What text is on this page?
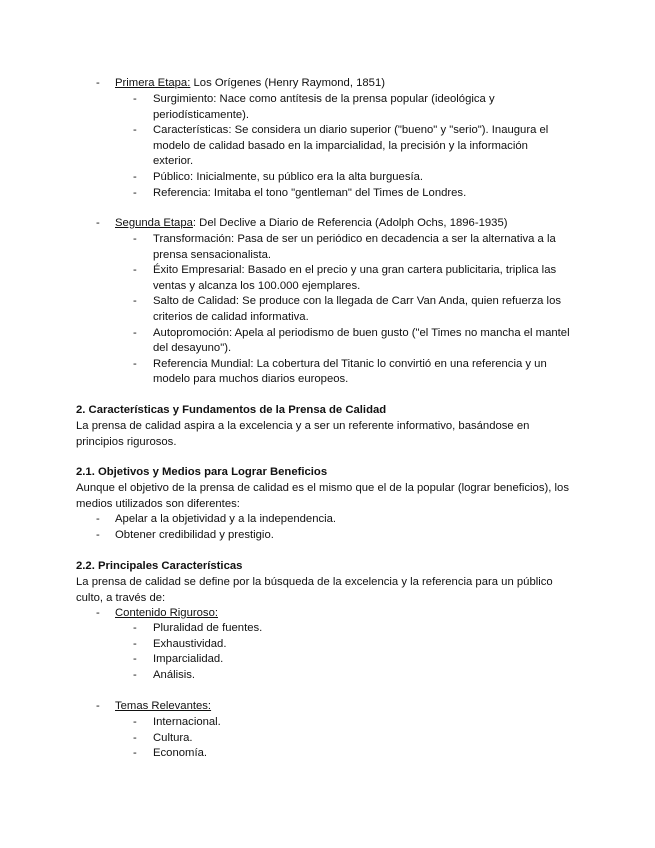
-	Primera Etapa: Los Orígenes (Henry Raymond, 1851)
-	Surgimiento: Nace como antítesis de la prensa popular (ideológica y periodísticamente).
-	Características: Se considera un diario superior ("bueno" y "serio"). Inaugura el modelo de calidad basado en la imparcialidad, la precisión y la información exterior.
-	Público: Inicialmente, su público era la alta burguesía.
-	Referencia: Imitaba el tono "gentleman" del Times de Londres.
-	Segunda Etapa: Del Declive a Diario de Referencia (Adolph Ochs, 1896-1935)
-	Transformación: Pasa de ser un periódico en decadencia a ser la alternativa a la prensa sensacionalista.
-	Éxito Empresarial: Basado en el precio y una gran cartera publicitaria, triplica las ventas y alcanza los 100.000 ejemplares.
-	Salto de Calidad: Se produce con la llegada de Carr Van Anda, quien refuerza los criterios de calidad informativa.
-	Autopromoción: Apela al periodismo de buen gusto ("el Times no mancha el mantel del desayuno").
-	Referencia Mundial: La cobertura del Titanic lo convirtió en una referencia y un modelo para muchos diarios europeos.
2. Características y Fundamentos de la Prensa de Calidad
La prensa de calidad aspira a la excelencia y a ser un referente informativo, basándose en principios rigurosos.
2.1. Objetivos y Medios para Lograr Beneficios
Aunque el objetivo de la prensa de calidad es el mismo que el de la popular (lograr beneficios), los medios utilizados son diferentes:
-	Apelar a la objetividad y a la independencia.
-	Obtener credibilidad y prestigio.
2.2. Principales Características
La prensa de calidad se define por la búsqueda de la excelencia y la referencia para un público culto, a través de:
-	Contenido Riguroso:
-	Pluralidad de fuentes.
-	Exhaustividad.
-	Imparcialidad.
-	Análisis.
-	Temas Relevantes:
-	Internacional.
-	Cultura.
-	Economía.
